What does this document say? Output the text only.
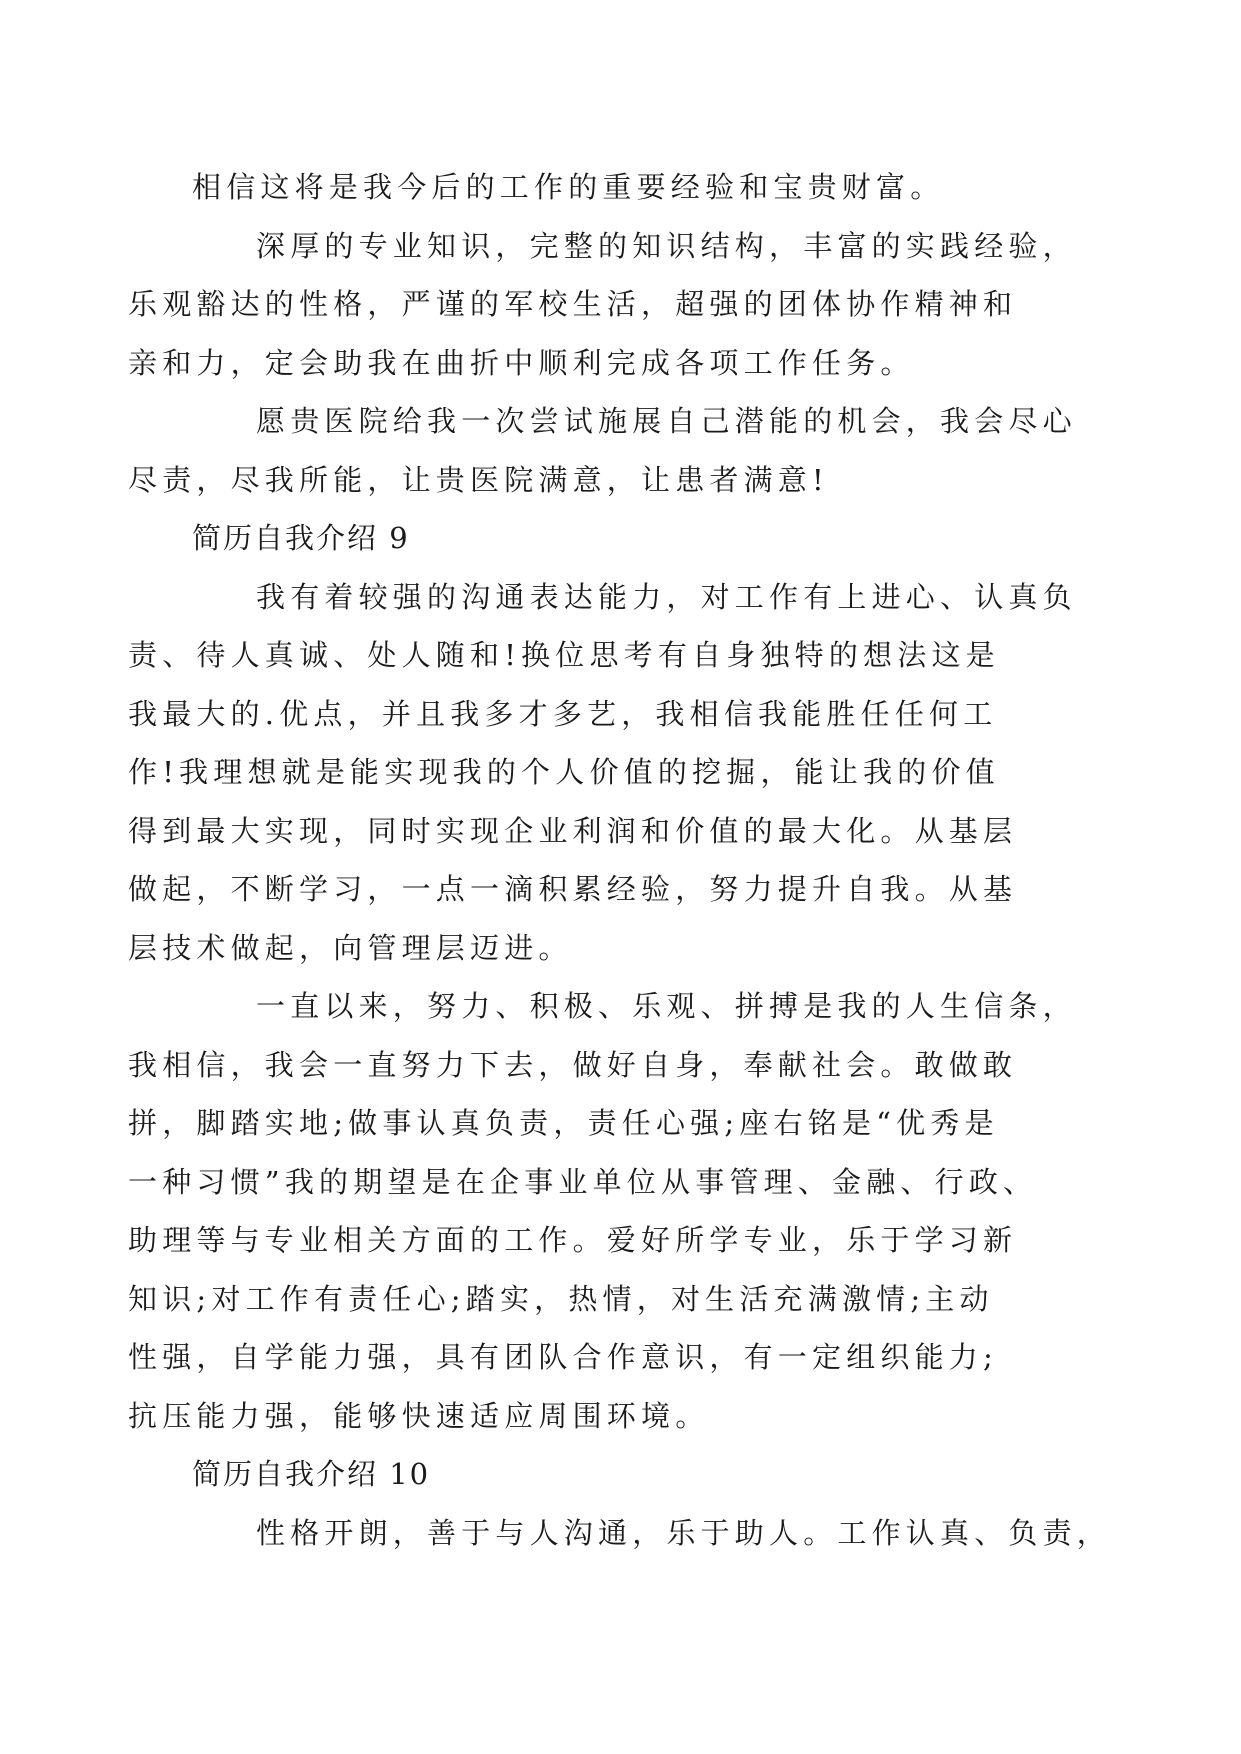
相信这将是我今后的工作的重要经验和宝贵财富。

深厚的专业知识，完整的知识结构，丰富的实践经验，
乐观豁达的性格，严谨的军校生活，超强的团体协作精神和
亲和力，定会助我在曲折中顺利完成各项工作任务。

愿贵医院给我一次尝试施展自己潜能的机会，我会尽心
尽责，尽我所能，让贵医院满意，让患者满意!

简历自我介绍 9

我有着较强的沟通表达能力，对工作有上进心、认真负
责、待人真诚、处人随和!换位思考有自身独特的想法这是
我最大的.优点，并且我多才多艺，我相信我能胜任任何工
作!我理想就是能实现我的个人价值的挖掘，能让我的价值
得到最大实现，同时实现企业利润和价值的最大化。从基层
做起，不断学习，一点一滴积累经验，努力提升自我。从基
层技术做起，向管理层迈进。

一直以来，努力、积极、乐观、拼搏是我的人生信条，
我相信，我会一直努力下去，做好自身，奉献社会。敢做敢
拼，脚踏实地;做事认真负责，责任心强;座右铭是“优秀是
一种习惯”我的期望是在企事业单位从事管理、金融、行政、
助理等与专业相关方面的工作。爱好所学专业，乐于学习新
知识;对工作有责任心;踏实，热情，对生活充满激情;主动
性强，自学能力强，具有团队合作意识，有一定组织能力;
抗压能力强，能够快速适应周围环境。

简历自我介绍 10

性格开朗，善于与人沟通，乐于助人。工作认真、负责，
